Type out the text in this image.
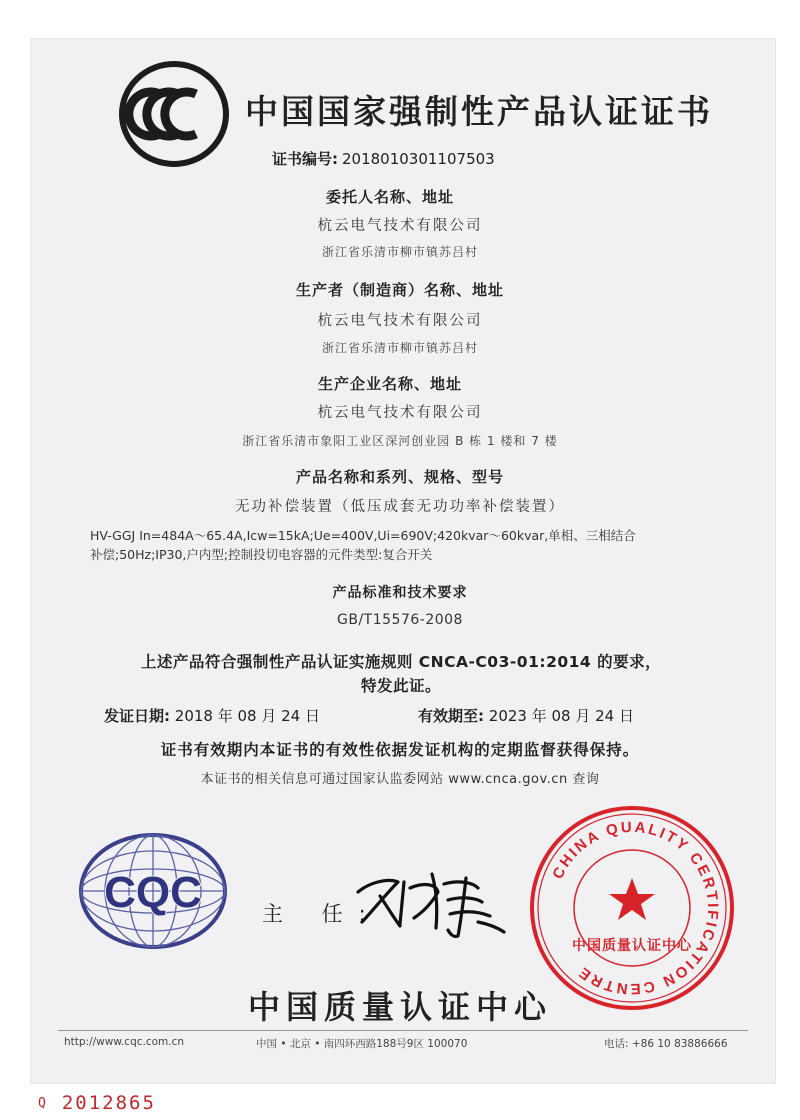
中国国家强制性产品认证证书
证书编号: 2018010301107503
委托人名称、地址
杭云电气技术有限公司
浙江省乐清市柳市镇苏吕村
生产者（制造商）名称、地址
杭云电气技术有限公司
浙江省乐清市柳市镇苏吕村
生产企业名称、地址
杭云电气技术有限公司
浙江省乐清市象阳工业区深河创业园 B 栋 1 楼和 7 楼
产品名称和系列、规格、型号
无功补偿装置（低压成套无功功率补偿装置）
HV-GGJ In=484A～65.4A,Icw=15kA;Ue=400V,Ui=690V;420kvar～60kvar,单相、三相结合
补偿;50Hz;IP30,户内型;控制投切电容器的元件类型:复合开关
产品标准和技术要求
GB/T15576-2008
上述产品符合强制性产品认证实施规则 CNCA-C03-01:2014 的要求，
特发此证。
发证日期: 2018 年 08 月 24 日	有效期至: 2023 年 08 月 24 日
证书有效期内本证书的有效性依据发证机构的定期监督获得保持。
本证书的相关信息可通过国家认监委网站 www.cnca.gov.cn 查询
CQC	主 任:
CHINA QUALITY CERTIFICATION CENTRE
中国质量认证中心
中国质量认证中心
http://www.cqc.com.cn	中国 • 北京 • 南四环西路188号9区 100070	电话: +86 10 83886666
Q 2012865
